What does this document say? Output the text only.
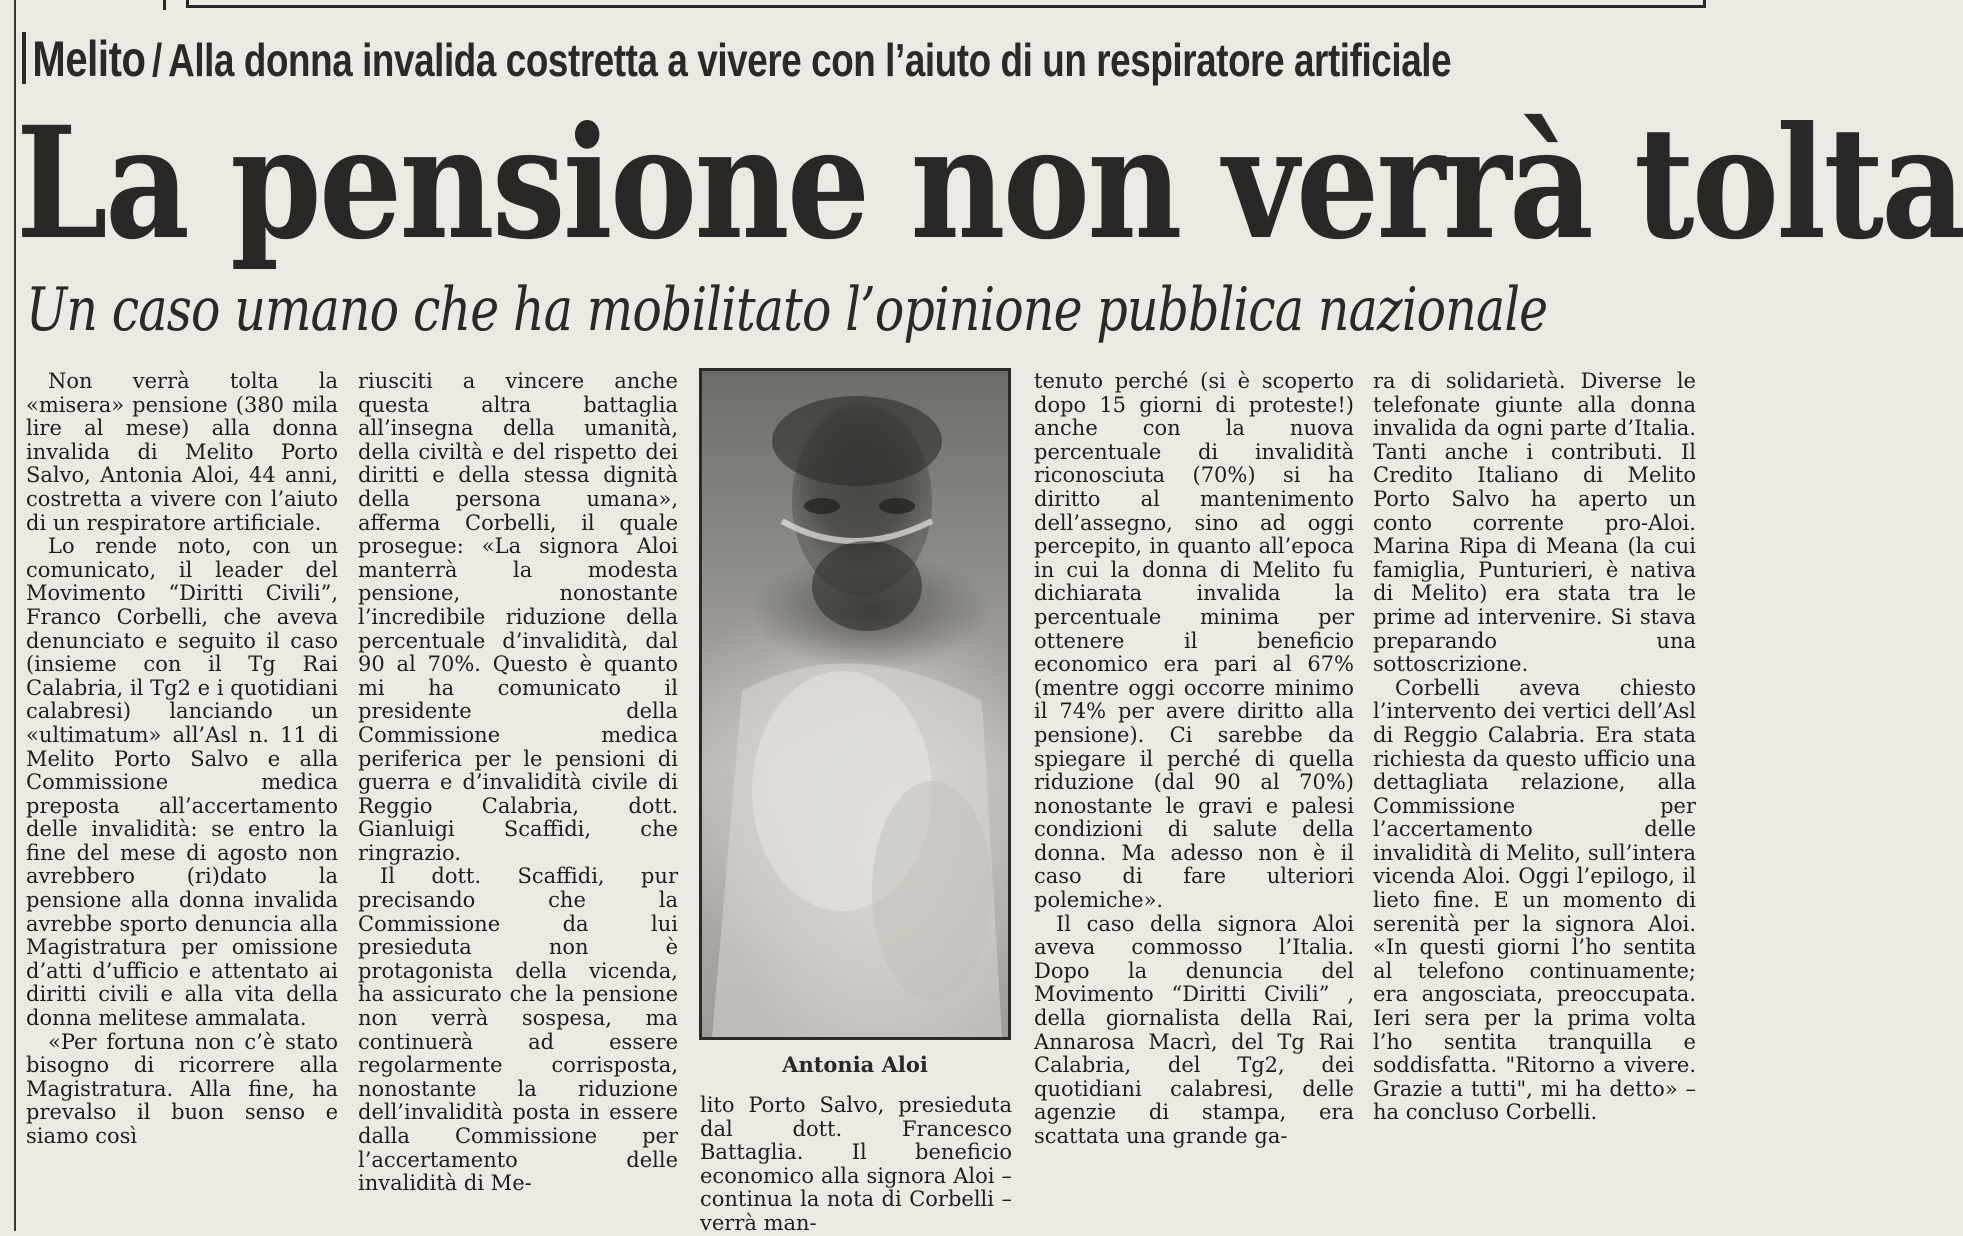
Melito / Alla donna invalida costretta a vivere con l’aiuto di un respiratore artificiale
La pensione non verrà tolta
Un caso umano che ha mobilitato l’opinione pubblica nazionale

Non verrà tolta la «misera» pensione (380 mila lire al mese) alla donna invalida di Melito Porto Salvo, Antonia Aloi, 44 anni, costretta a vivere con l’aiuto di un respiratore artificiale.

Lo rende noto, con un comunicato, il leader del Movimento “Diritti Civili”, Franco Corbelli, che aveva denunciato e seguito il caso (insieme con il Tg Rai Calabria, il Tg2 e i quotidiani calabresi) lanciando un «ultimatum» all’Asl n. 11 di Melito Porto Salvo e alla Commissione medica preposta all’accertamento delle invalidità: se entro la fine del mese di agosto non avrebbero (ri)dato la pensione alla donna invalida avrebbe sporto denuncia alla Magistratura per omissione d’atti d’ufficio e attentato ai diritti civili e alla vita della donna melitese ammalata.

«Per fortuna non c’è stato bisogno di ricorrere alla Magistratura. Alla fine, ha prevalso il buon senso e siamo così

riusciti a vincere anche questa altra battaglia all’insegna della umanità, della civiltà e del rispetto dei diritti e della stessa dignità della persona umana», afferma Corbelli, il quale prosegue: «La signora Aloi manterrà la modesta pensione, nonostante l’incredibile riduzione della percentuale d’invalidità, dal 90 al 70%. Questo è quanto mi ha comunicato il presidente della Commissione medica periferica per le pensioni di guerra e d’invalidità civile di Reggio Calabria, dott. Gianluigi Scaffidi, che ringrazio.

Il dott. Scaffidi, pur precisando che la Commissione da lui presieduta non è protagonista della vicenda, ha assicurato che la pensione non verrà sospesa, ma continuerà ad essere regolarmente corrisposta, nonostante la riduzione dell’invalidità posta in essere dalla Commissione per l’accertamento delle invalidità di Me-

Antonia Aloi

lito Porto Salvo, presieduta dal dott. Francesco Battaglia. Il beneficio economico alla signora Aloi – continua la nota di Corbelli – verrà man-

tenuto perché (si è scoperto dopo 15 giorni di proteste!) anche con la nuova percentuale di invalidità riconosciuta (70%) si ha diritto al mantenimento dell’assegno, sino ad oggi percepito, in quanto all’epoca in cui la donna di Melito fu dichiarata invalida la percentuale minima per ottenere il beneficio economico era pari al 67% (mentre oggi occorre minimo il 74% per avere diritto alla pensione). Ci sarebbe da spiegare il perché di quella riduzione (dal 90 al 70%) nonostante le gravi e palesi condizioni di salute della donna. Ma adesso non è il caso di fare ulteriori polemiche».

Il caso della signora Aloi aveva commosso l’Italia. Dopo la denuncia del Movimento “Diritti Civili” , della giornalista della Rai, Annarosa Macrì, del Tg Rai Calabria, del Tg2, dei quotidiani calabresi, delle agenzie di stampa, era scattata una grande ga-

ra di solidarietà. Diverse le telefonate giunte alla donna invalida da ogni parte d’Italia. Tanti anche i contributi. Il Credito Italiano di Melito Porto Salvo ha aperto un conto corrente pro-Aloi. Marina Ripa di Meana (la cui famiglia, Punturieri, è nativa di Melito) era stata tra le prime ad intervenire. Si stava preparando una sottoscrizione.

Corbelli aveva chiesto l’intervento dei vertici dell’Asl di Reggio Calabria. Era stata richiesta da questo ufficio una dettagliata relazione, alla Commissione per l’accertamento delle invalidità di Melito, sull’intera vicenda Aloi. Oggi l’epilogo, il lieto fine. E un momento di serenità per la signora Aloi. «In questi giorni l’ho sentita al telefono continuamente; era angosciata, preoccupata. Ieri sera per la prima volta l’ho sentita tranquilla e soddisfatta. "Ritorno a vivere. Grazie a tutti", mi ha detto» – ha concluso Corbelli.
